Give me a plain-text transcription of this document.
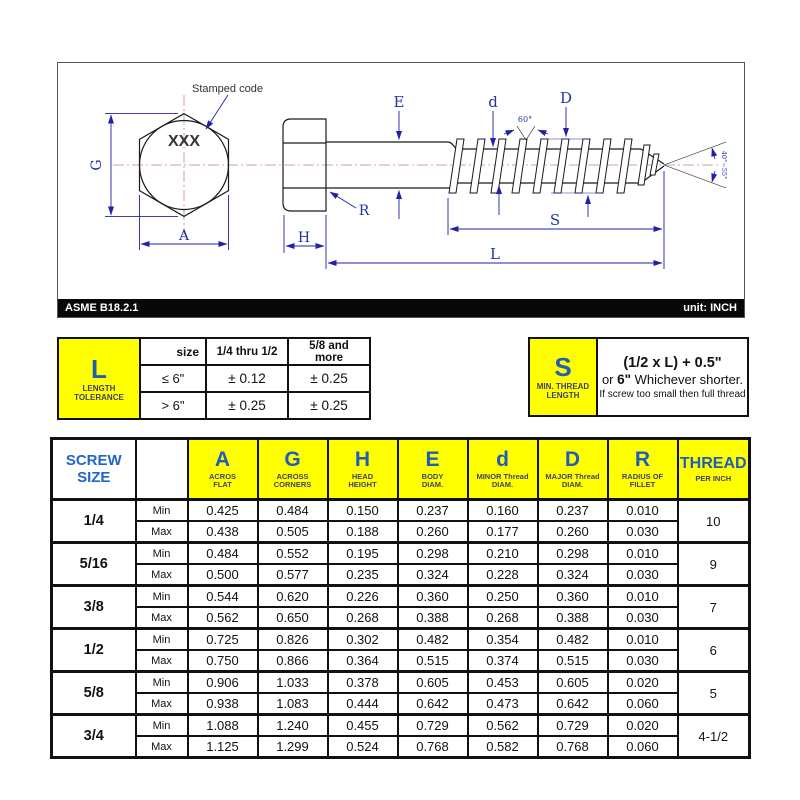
XXX
Stamped code
G
A
E	d	D
60°
R
H
S
L
40°~55°
ASME B18.2.1	unit: INCH
L
LENGTH
TOLERANCE	size	1/4 thru 1/2	5/8 and more
	≤ 6"	± 0.12	± 0.25
	> 6"	± 0.25	± 0.25
S
MIN. THREAD
LENGTH
(1/2 x L) + 0.5"
or 6" Whichever shorter.
If screw too small then full thread
SCREW
SIZE

A
ACROS
FLAT

G
ACROSS
CORNERS

H
HEAD
HEIGHT

E
BODY
DIAM.

d
MINOR Thread
DIAM.

D
MAJOR Thread
DIAM.

R
RADIUS OF
FILLET

THREAD
PER INCH

1/4	Min	0.425	0.484	0.150	0.237	0.160	0.237	0.010	10
	Max	0.438	0.505	0.188	0.260	0.177	0.260	0.030	
5/16	Min	0.484	0.552	0.195	0.298	0.210	0.298	0.010	9
	Max	0.500	0.577	0.235	0.324	0.228	0.324	0.030	
3/8	Min	0.544	0.620	0.226	0.360	0.250	0.360	0.010	7
	Max	0.562	0.650	0.268	0.388	0.268	0.388	0.030	
1/2	Min	0.725	0.826	0.302	0.482	0.354	0.482	0.010	6
	Max	0.750	0.866	0.364	0.515	0.374	0.515	0.030	
5/8	Min	0.906	1.033	0.378	0.605	0.453	0.605	0.020	5
	Max	0.938	1.083	0.444	0.642	0.473	0.642	0.060	
3/4	Min	1.088	1.240	0.455	0.729	0.562	0.729	0.020	4-1/2
	Max	1.125	1.299	0.524	0.768	0.582	0.768	0.060	
